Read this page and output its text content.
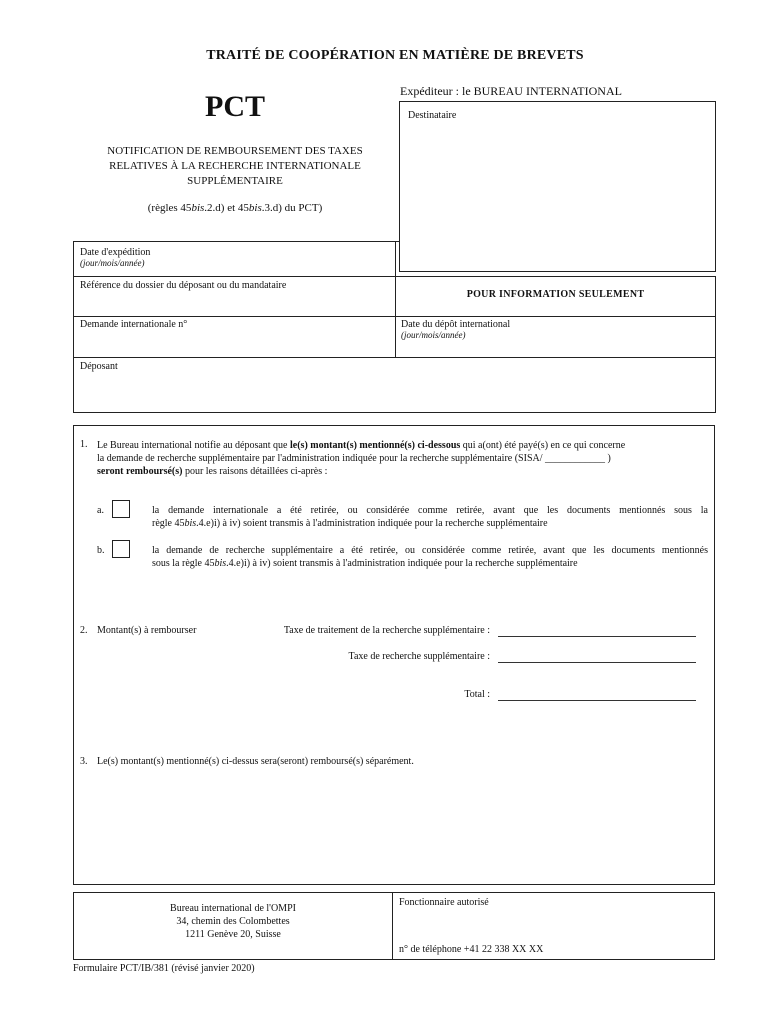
TRAITÉ DE COOPÉRATION EN MATIÈRE DE BREVETS
PCT	Expéditeur : le BUREAU INTERNATIONAL
Destinataire
NOTIFICATION DE REMBOURSEMENT DES TAXES
RELATIVES À LA RECHERCHE INTERNATIONALE
SUPPLÉMENTAIRE
(règles 45bis.2.d) et 45bis.3.d) du PCT)
Date d'expédition
(jour/mois/année)
Référence du dossier du déposant ou du mandataire
POUR INFORMATION SEULEMENT
Demande internationale n°	Date du dépôt international
(jour/mois/année)
Déposant
1. Le Bureau international notifie au déposant que le(s) montant(s) mentionné(s) ci-dessous qui a(ont) été payé(s) en ce qui concerne
la demande de recherche supplémentaire par l'administration indiquée pour la recherche supplémentaire (SISA/ ____________ )
seront remboursé(s) pour les raisons détaillées ci-après :
a.	la demande internationale a été retirée, ou considérée comme retirée, avant que les documents mentionnés sous la
règle 45bis.4.e)i) à iv) soient transmis à l'administration indiquée pour la recherche supplémentaire
b.	la demande de recherche supplémentaire a été retirée, ou considérée comme retirée, avant que les documents mentionnés
sous la règle 45bis.4.e)i) à iv) soient transmis à l'administration indiquée pour la recherche supplémentaire
2. Montant(s) à rembourser	Taxe de traitement de la recherche supplémentaire :
Taxe de recherche supplémentaire :
Total :
3. Le(s) montant(s) mentionné(s) ci-dessus sera(seront) remboursé(s) séparément.
Bureau international de l'OMPI
34, chemin des Colombettes
1211 Genève 20, Suisse
Fonctionnaire autorisé
n° de téléphone +41 22 338 XX XX
Formulaire PCT/IB/381 (révisé janvier 2020)
